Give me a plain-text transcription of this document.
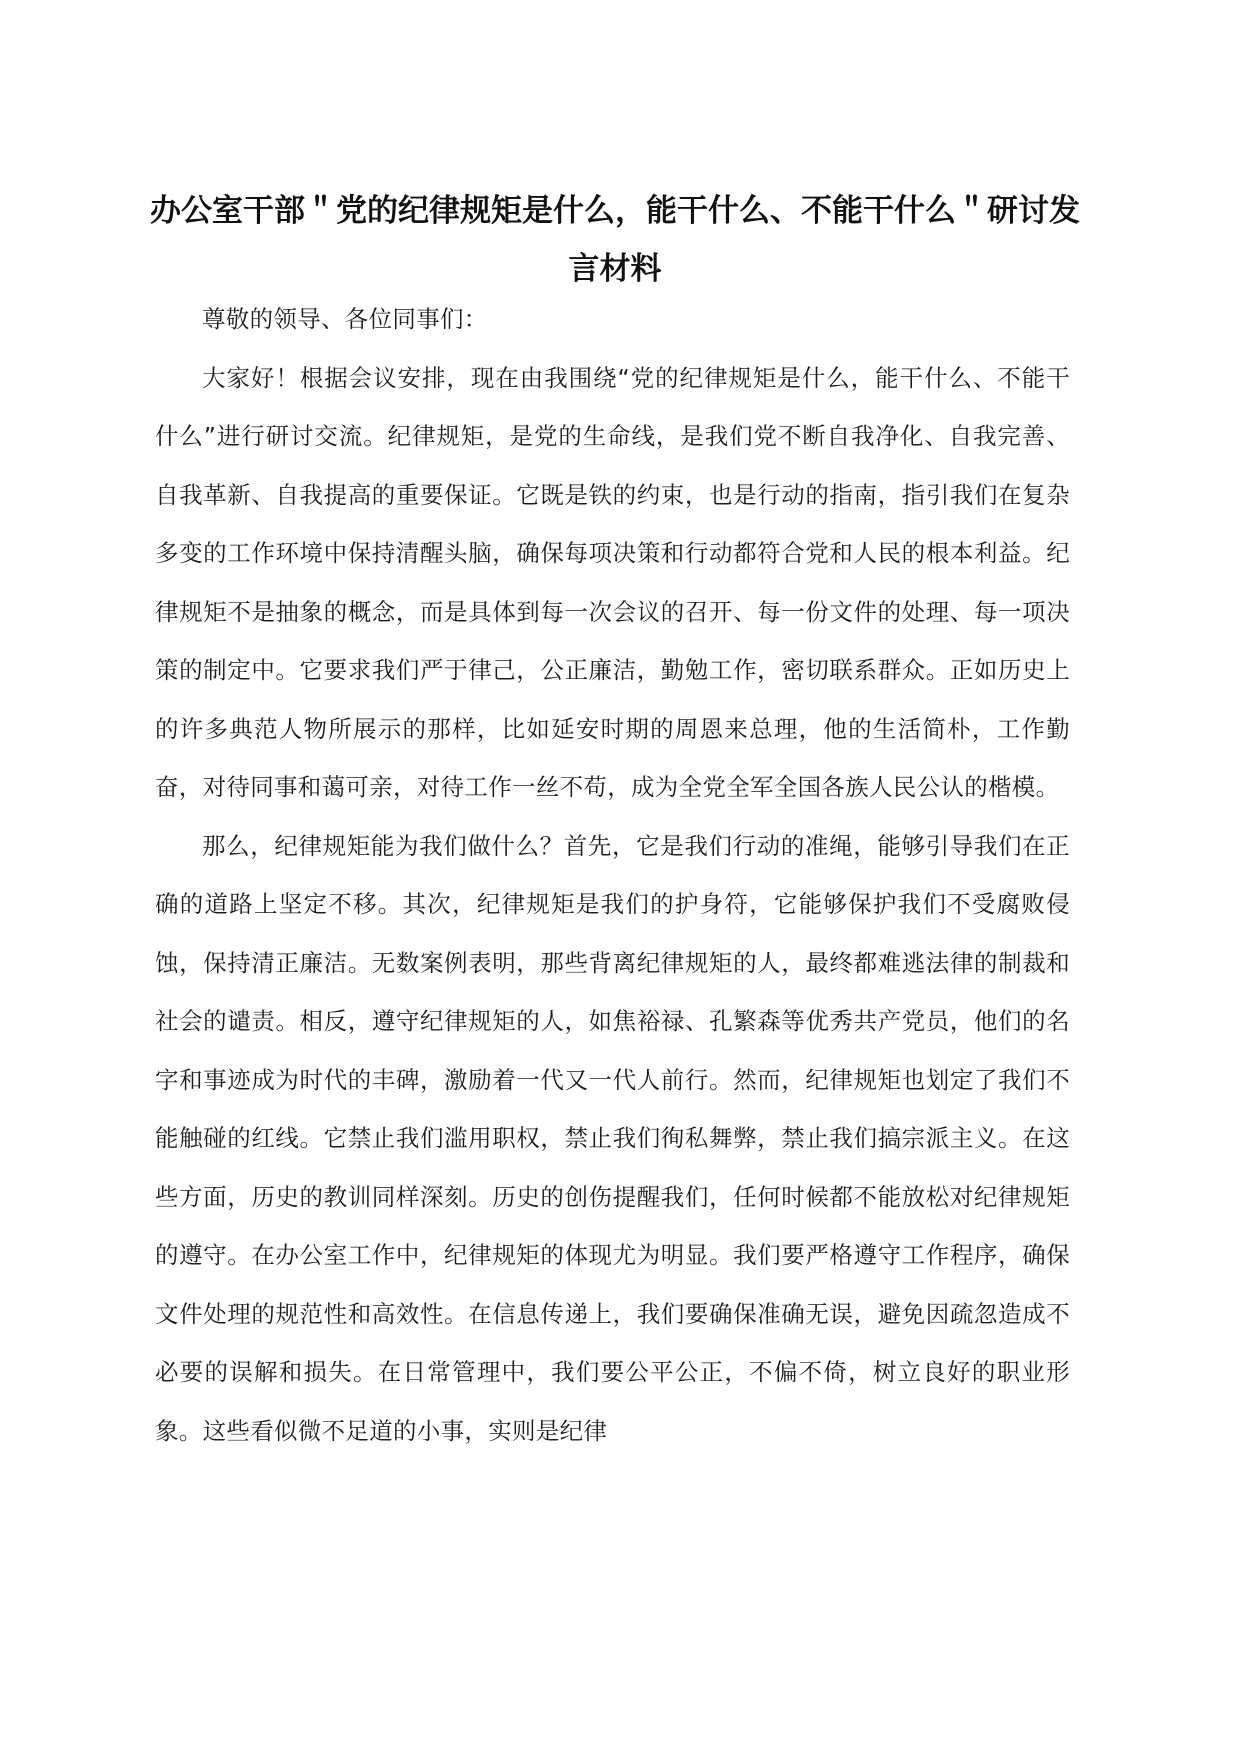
办公室干部＂党的纪律规矩是什么，能干什么、不能干什么＂研讨发言材料

尊敬的领导、各位同事们：

大家好！根据会议安排，现在由我围绕“党的纪律规矩是什么，能干什么、不能干什么”进行研讨交流。纪律规矩，是党的生命线，是我们党不断自我净化、自我完善、自我革新、自我提高的重要保证。它既是铁的约束，也是行动的指南，指引我们在复杂多变的工作环境中保持清醒头脑，确保每项决策和行动都符合党和人民的根本利益。纪律规矩不是抽象的概念，而是具体到每一次会议的召开、每一份文件的处理、每一项决策的制定中。它要求我们严于律己，公正廉洁，勤勉工作，密切联系群众。正如历史上的许多典范人物所展示的那样，比如延安时期的周恩来总理，他的生活简朴，工作勤奋，对待同事和蔼可亲，对待工作一丝不苟，成为全党全军全国各族人民公认的楷模。

那么，纪律规矩能为我们做什么？首先，它是我们行动的准绳，能够引导我们在正确的道路上坚定不移。其次，纪律规矩是我们的护身符，它能够保护我们不受腐败侵蚀，保持清正廉洁。无数案例表明，那些背离纪律规矩的人，最终都难逃法律的制裁和社会的谴责。相反，遵守纪律规矩的人，如焦裕禄、孔繁森等优秀共产党员，他们的名字和事迹成为时代的丰碑，激励着一代又一代人前行。然而，纪律规矩也划定了我们不能触碰的红线。它禁止我们滥用职权，禁止我们徇私舞弊，禁止我们搞宗派主义。在这些方面，历史的教训同样深刻。历史的创伤提醒我们，任何时候都不能放松对纪律规矩的遵守。在办公室工作中，纪律规矩的体现尤为明显。我们要严格遵守工作程序，确保文件处理的规范性和高效性。在信息传递上，我们要确保准确无误，避免因疏忽造成不必要的误解和损失。在日常管理中，我们要公平公正，不偏不倚，树立良好的职业形象。这些看似微不足道的小事，实则是纪律
